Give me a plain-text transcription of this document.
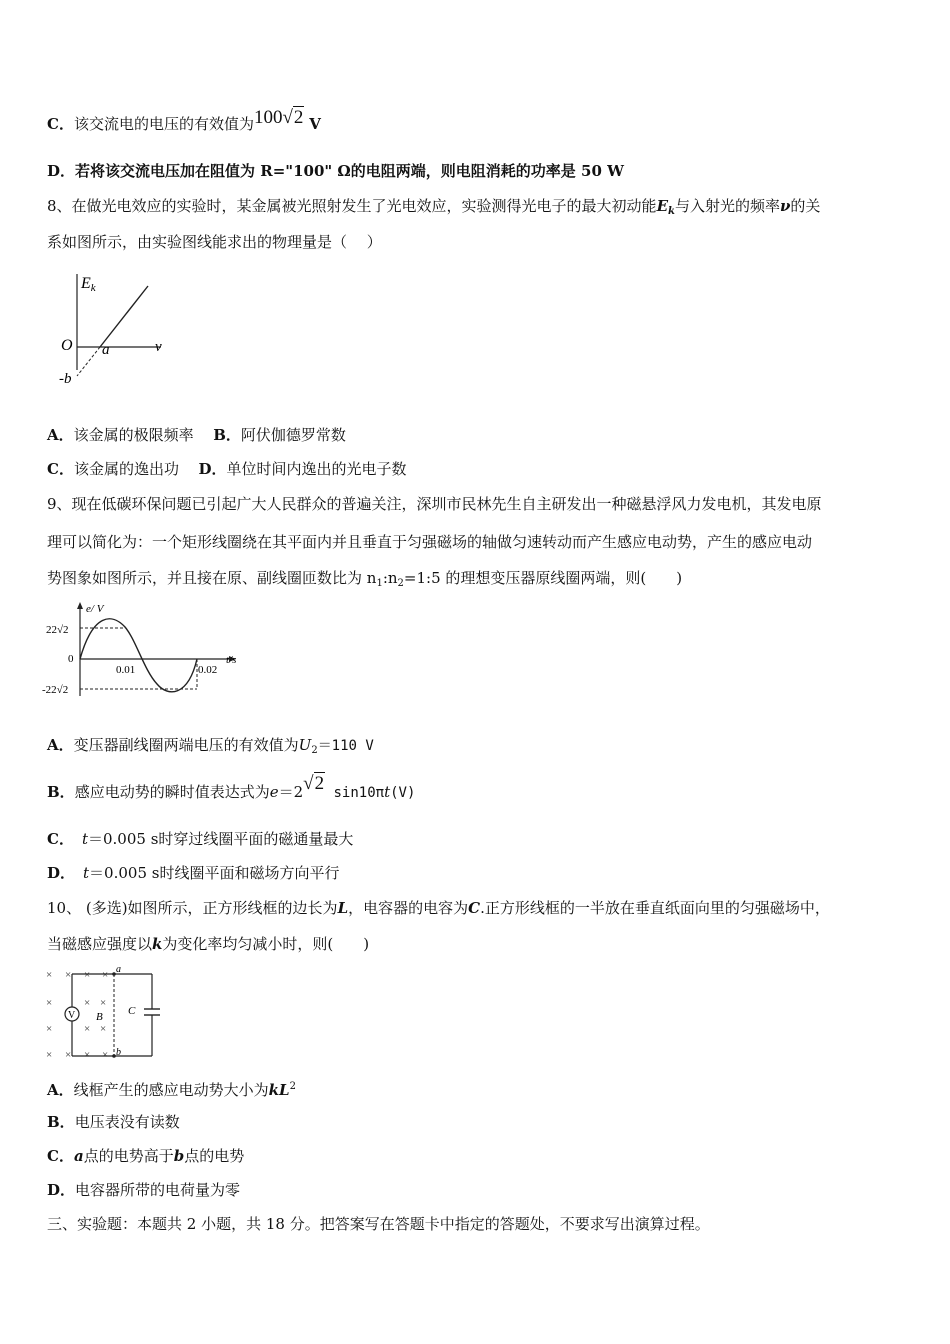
C．该交流电的电压的有效值为100√2 V
D．若将该交流电压加在阻值为 R="100" Ω的电阻两端，则电阻消耗的功率是 50 W
8、在做光电效应的实验时，某金属被光照射发生了光电效应，实验测得光电子的最大初动能$E_k$与入射光的频率ν的关
系如图所示，由实验图线能求出的物理量是（　 ）
Ek
O	ν
a
-b
A．该金属的极限频率 B．阿伏伽德罗常数
C．该金属的逸出功 D．单位时间内逸出的光电子数
9、现在低碳环保问题已引起广大人民群众的普遍关注，深圳市民林先生自主研发出一种磁悬浮风力发电机，其发电原
理可以简化为：一个矩形线圈绕在其平面内并且垂直于匀强磁场的轴做匀速转动而产生感应电动势，产生的感应电动
势图象如图所示，并且接在原、副线圈匝数比为 $n_1:n_2=1:5$ 的理想变压器原线圈两端，则(　　)
e/ V
22√2
0
-22√2
0.01	0.02
t/s
A．变压器副线圈两端电压的有效值为$U_2=110$ V
B．感应电动势的瞬时值表达式为e＝2√2 sin10πt(V)
C． t＝0.005 s时穿过线圈平面的磁通量最大
D． t＝0.005 s时线圈平面和磁场方向平行
10、 (多选)如图所示，正方形线框的边长为L，电容器的电容为C.正方形线框的一半放在垂直纸面向里的匀强磁场中，
当磁感应强度以k为变化率均匀减小时，则(　　)
× × × ×
×	× ×
×	× ×
× × × ×
V
a
b
B C
A．线框产生的感应电动势大小为$kL^2$
B．电压表没有读数
C．a点的电势高于b点的电势
D．电容器所带的电荷量为零
三、实验题：本题共 2 小题，共 18 分。把答案写在答题卡中指定的答题处，不要求写出演算过程。
